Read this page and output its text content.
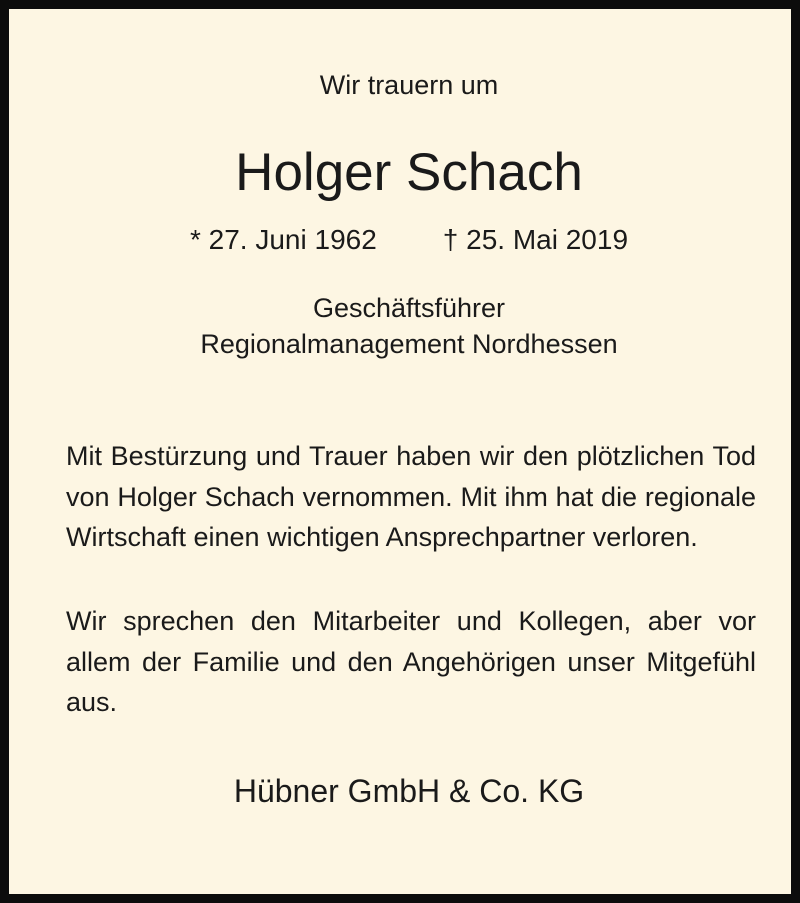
Wir trauern um
Holger Schach
* 27. Juni 1962 † 25. Mai 2019
Geschäftsführer
Regionalmanagement Nordhessen
Mit Bestürzung und Trauer haben wir den plötzlichen Tod von Holger Schach vernommen. Mit ihm hat die regionale Wirtschaft einen wichtigen Ansprechpartner verloren.
Wir sprechen den Mitarbeiter und Kollegen, aber vor allem der Familie und den Angehörigen unser Mitgefühl aus.
Hübner GmbH & Co. KG
